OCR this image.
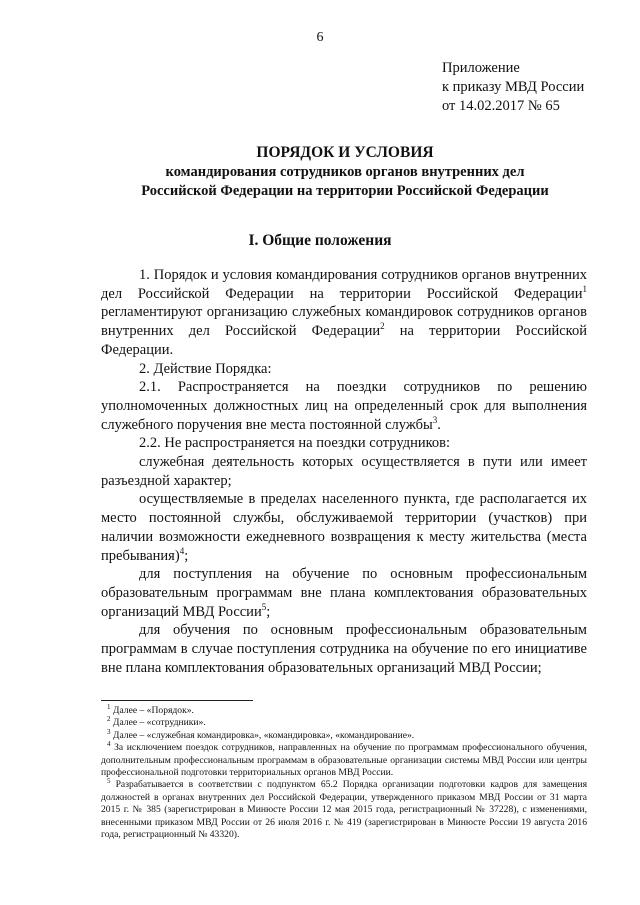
6
Приложение
к приказу МВД России
от 14.02.2017 № 65
ПОРЯДОК И УСЛОВИЯ
командирования сотрудников органов внутренних дел
Российской Федерации на территории Российской Федерации
I. Общие положения

1. Порядок и условия командирования сотрудников органов внутренних дел Российской Федерации на территории Российской Федерации$^1$ регламентируют организацию служебных командировок сотрудников органов внутренних дел Российской Федерации$^2$ на территории Российской Федерации.

2. Действие Порядка:

2.1. Распространяется на поездки сотрудников по решению уполномоченных должностных лиц на определенный срок для выполнения служебного поручения вне места постоянной службы$^3$.

2.2. Не распространяется на поездки сотрудников:

служебная деятельность которых осуществляется в пути или имеет разъездной характер;

осуществляемые в пределах населенного пункта, где располагается их место постоянной службы, обслуживаемой территории (участков) при наличии возможности ежедневного возвращения к месту жительства (места пребывания)$^4$;

для поступления на обучение по основным профессиональным образовательным программам вне плана комплектования образовательных организаций МВД России$^5$;

для обучения по основным профессиональным образовательным программам в случае поступления сотрудника на обучение по его инициативе вне плана комплектования образовательных организаций МВД России;

$^1$ Далее – «Порядок».

$^2$ Далее – «сотрудники».

$^3$ Далее – «служебная командировка», «командировка», «командирование».

$^4$ За исключением поездок сотрудников, направленных на обучение по программам профессионального обучения, дополнительным профессиональным программам в образовательные организации системы МВД России или центры профессиональной подготовки территориальных органов МВД России.

$^5$ Разрабатывается в соответствии с подпунктом 65.2 Порядка организации подготовки кадров для замещения должностей в органах внутренних дел Российской Федерации, утвержденного приказом МВД России от 31 марта 2015 г. № 385 (зарегистрирован в Минюсте России 12 мая 2015 года, регистрационный № 37228), с изменениями, внесенными приказом МВД России от 26 июля 2016 г. № 419 (зарегистрирован в Минюсте России 19 августа 2016 года, регистрационный № 43320).
